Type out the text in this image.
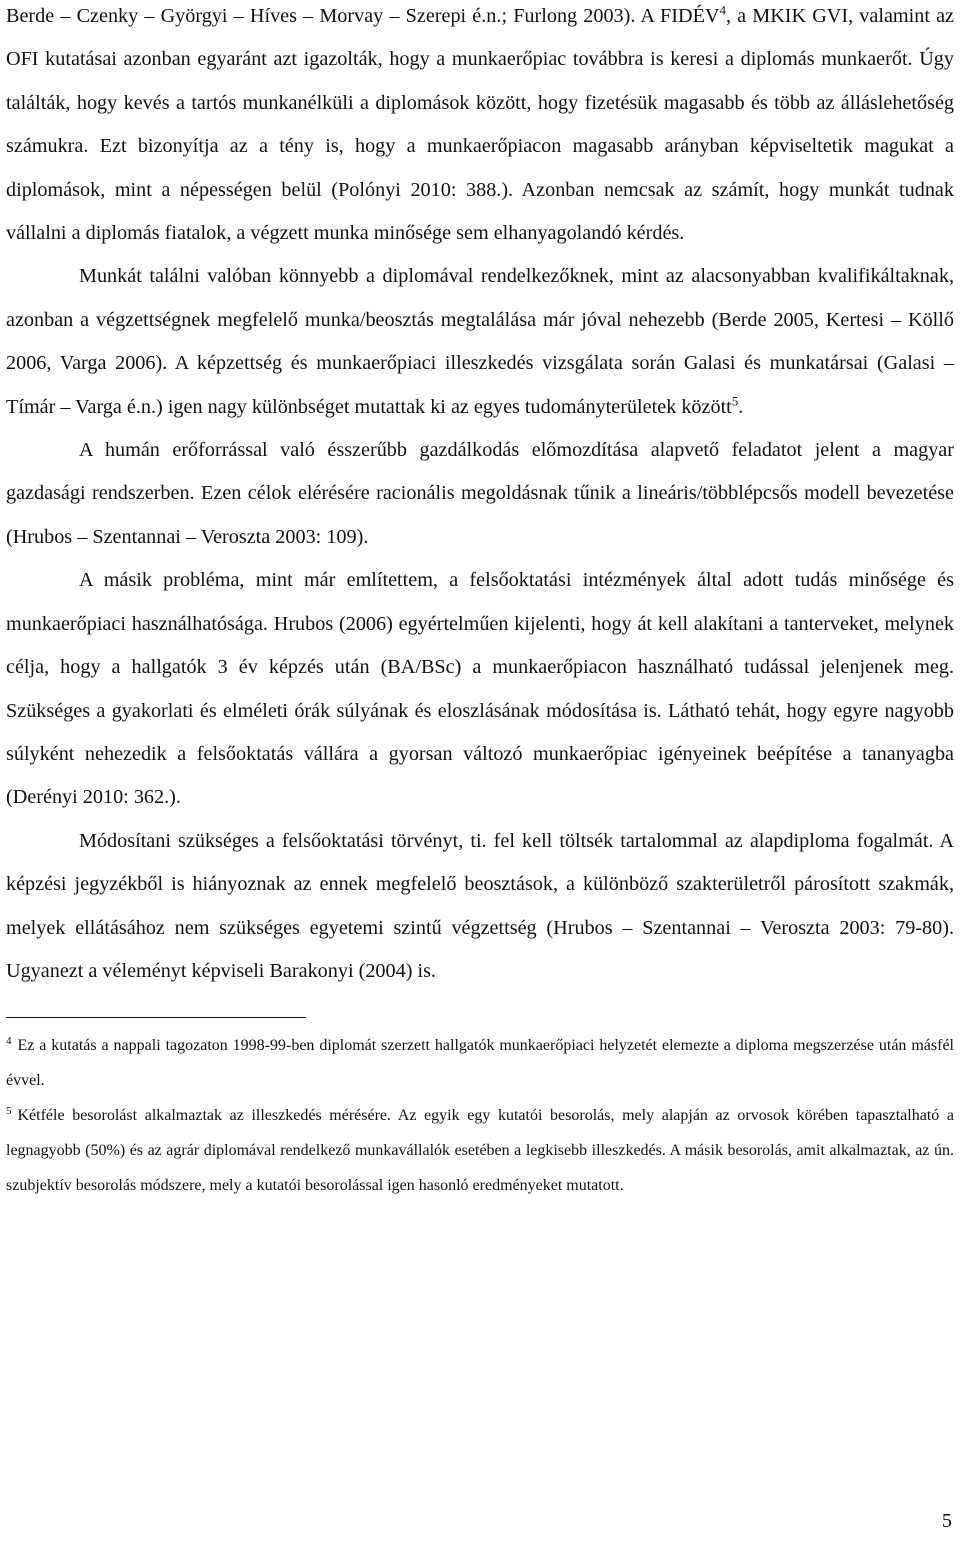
Berde – Czenky – Györgyi – Híves – Morvay – Szerepi é.n.; Furlong 2003). A FIDÉV$^4$, a MKIK GVI, valamint az OFI kutatásai azonban egyaránt azt igazolták, hogy a munkaerőpiac továbbra is keresi a diplomás munkaerőt. Úgy találták, hogy kevés a tartós munkanélküli a diplomások között, hogy fizetésük magasabb és több az álláslehetőség számukra. Ezt bizonyítja az a tény is, hogy a munkaerőpiacon magasabb arányban képviseltetik magukat a diplomások, mint a népességen belül (Polónyi 2010: 388.). Azonban nemcsak az számít, hogy munkát tudnak vállalni a diplomás fiatalok, a végzett munka minősége sem elhanyagolandó kérdés.

Munkát találni valóban könnyebb a diplomával rendelkezőknek, mint az alacsonyabban kvalifikáltaknak, azonban a végzettségnek megfelelő munka/beosztás megtalálása már jóval nehezebb (Berde 2005, Kertesi – Köllő 2006, Varga 2006). A képzettség és munkaerőpiaci illeszkedés vizsgálata során Galasi és munkatársai (Galasi – Tímár – Varga é.n.) igen nagy különbséget mutattak ki az egyes tudományterületek között$^5$.

A humán erőforrással való ésszerűbb gazdálkodás előmozdítása alapvető feladatot jelent a magyar gazdasági rendszerben. Ezen célok elérésére racionális megoldásnak tűnik a lineáris/többlépcsős modell bevezetése (Hrubos – Szentannai – Veroszta 2003: 109).

A másik probléma, mint már említettem, a felsőoktatási intézmények által adott tudás minősége és munkaerőpiaci használhatósága. Hrubos (2006) egyértelműen kijelenti, hogy át kell alakítani a tanterveket, melynek célja, hogy a hallgatók 3 év képzés után (BA/BSc) a munkaerőpiacon használható tudással jelenjenek meg. Szükséges a gyakorlati és elméleti órák súlyának és eloszlásának módosítása is. Látható tehát, hogy egyre nagyobb súlyként nehezedik a felsőoktatás vállára a gyorsan változó munkaerőpiac igényeinek beépítése a tananyagba (Derényi 2010: 362.).

Módosítani szükséges a felsőoktatási törvényt, ti. fel kell töltsék tartalommal az alapdiploma fogalmát. A képzési jegyzékből is hiányoznak az ennek megfelelő beosztások, a különböző szakterületről párosított szakmák, melyek ellátásához nem szükséges egyetemi szintű végzettség (Hrubos – Szentannai – Veroszta 2003: 79-80). Ugyanezt a véleményt képviseli Barakonyi (2004) is.

$^4$ Ez a kutatás a nappali tagozaton 1998-99-ben diplomát szerzett hallgatók munkaerőpiaci helyzetét elemezte a diploma megszerzése után másfél évvel.

$^5$ Kétféle besorolást alkalmaztak az illeszkedés mérésére. Az egyik egy kutatói besorolás, mely alapján az orvosok körében tapasztalható a legnagyobb (50%) és az agrár diplomával rendelkező munkavállalók esetében a legkisebb illeszkedés. A másik besorolás, amit alkalmaztak, az ún. szubjektív besorolás módszere, mely a kutatói besorolással igen hasonló eredményeket mutatott.

5
